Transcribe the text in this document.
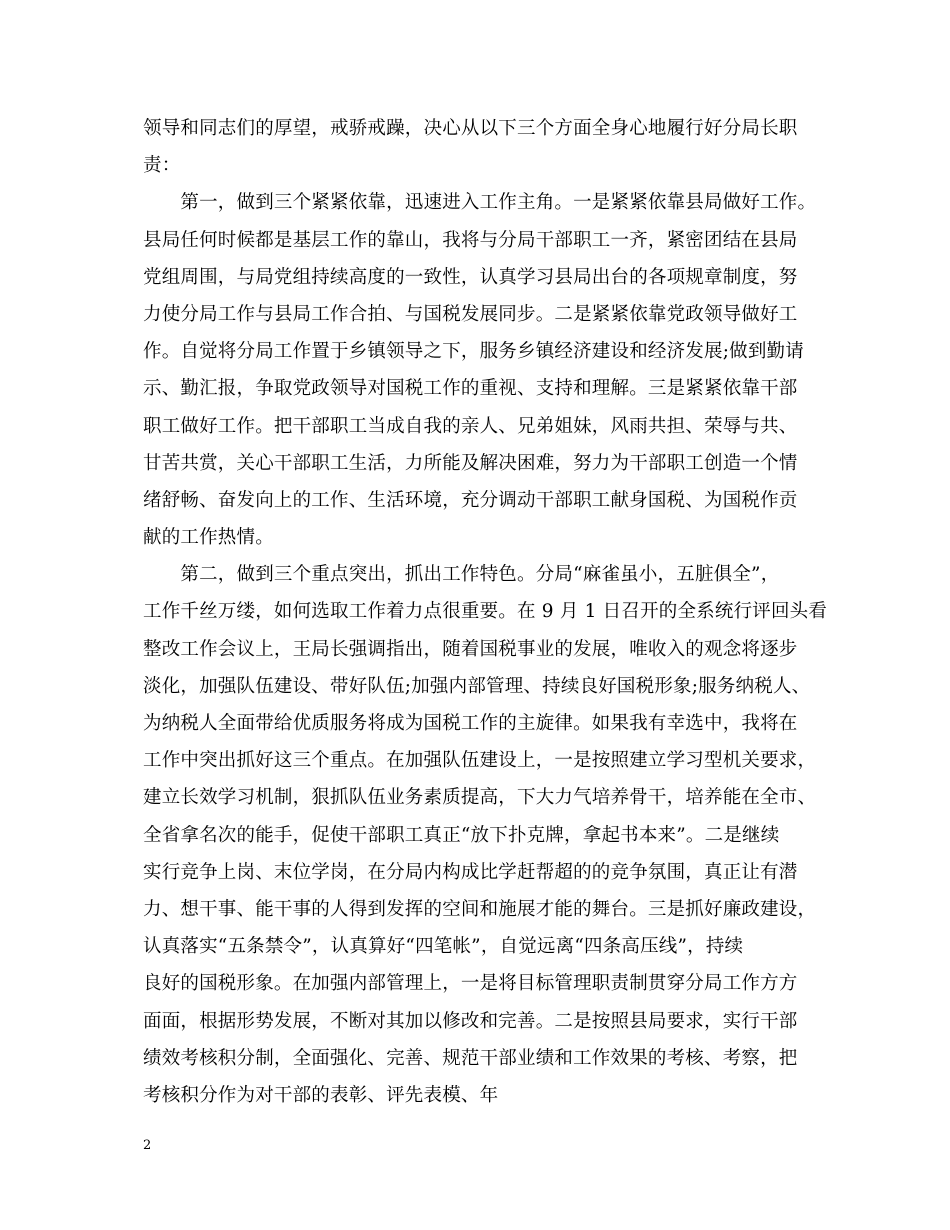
领导和同志们的厚望，戒骄戒躁，决心从以下三个方面全身心地履行好分局长职
责：
　　第一，做到三个紧紧依靠，迅速进入工作主角。一是紧紧依靠县局做好工作。
县局任何时候都是基层工作的靠山，我将与分局干部职工一齐，紧密团结在县局
党组周围，与局党组持续高度的一致性，认真学习县局出台的各项规章制度，努
力使分局工作与县局工作合拍、与国税发展同步。二是紧紧依靠党政领导做好工
作。自觉将分局工作置于乡镇领导之下，服务乡镇经济建设和经济发展;做到勤请
示、勤汇报，争取党政领导对国税工作的重视、支持和理解。三是紧紧依靠干部
职工做好工作。把干部职工当成自我的亲人、兄弟姐妹，风雨共担、荣辱与共、
甘苦共赏，关心干部职工生活，力所能及解决困难，努力为干部职工创造一个情
绪舒畅、奋发向上的工作、生活环境，充分调动干部职工献身国税、为国税作贡
献的工作热情。
　　第二，做到三个重点突出，抓出工作特色。分局“麻雀虽小，五脏俱全”，
工作千丝万缕，如何选取工作着力点很重要。在 9 月 1 日召开的全系统行评回头看
整改工作会议上，王局长强调指出，随着国税事业的发展，唯收入的观念将逐步
淡化，加强队伍建设、带好队伍;加强内部管理、持续良好国税形象;服务纳税人、
为纳税人全面带给优质服务将成为国税工作的主旋律。如果我有幸选中，我将在
工作中突出抓好这三个重点。在加强队伍建设上，一是按照建立学习型机关要求，
建立长效学习机制，狠抓队伍业务素质提高，下大力气培养骨干，培养能在全市、
全省拿名次的能手，促使干部职工真正“放下扑克牌，拿起书本来”。二是继续
实行竞争上岗、末位学岗，在分局内构成比学赶帮超的的竞争氛围，真正让有潜
力、想干事、能干事的人得到发挥的空间和施展才能的舞台。三是抓好廉政建设，
认真落实“五条禁令”，认真算好“四笔帐”，自觉远离“四条高压线”，持续
良好的国税形象。在加强内部管理上，一是将目标管理职责制贯穿分局工作方方
面面，根据形势发展，不断对其加以修改和完善。二是按照县局要求，实行干部
绩效考核积分制，全面强化、完善、规范干部业绩和工作效果的考核、考察，把
考核积分作为对干部的表彰、评先表模、年
2
